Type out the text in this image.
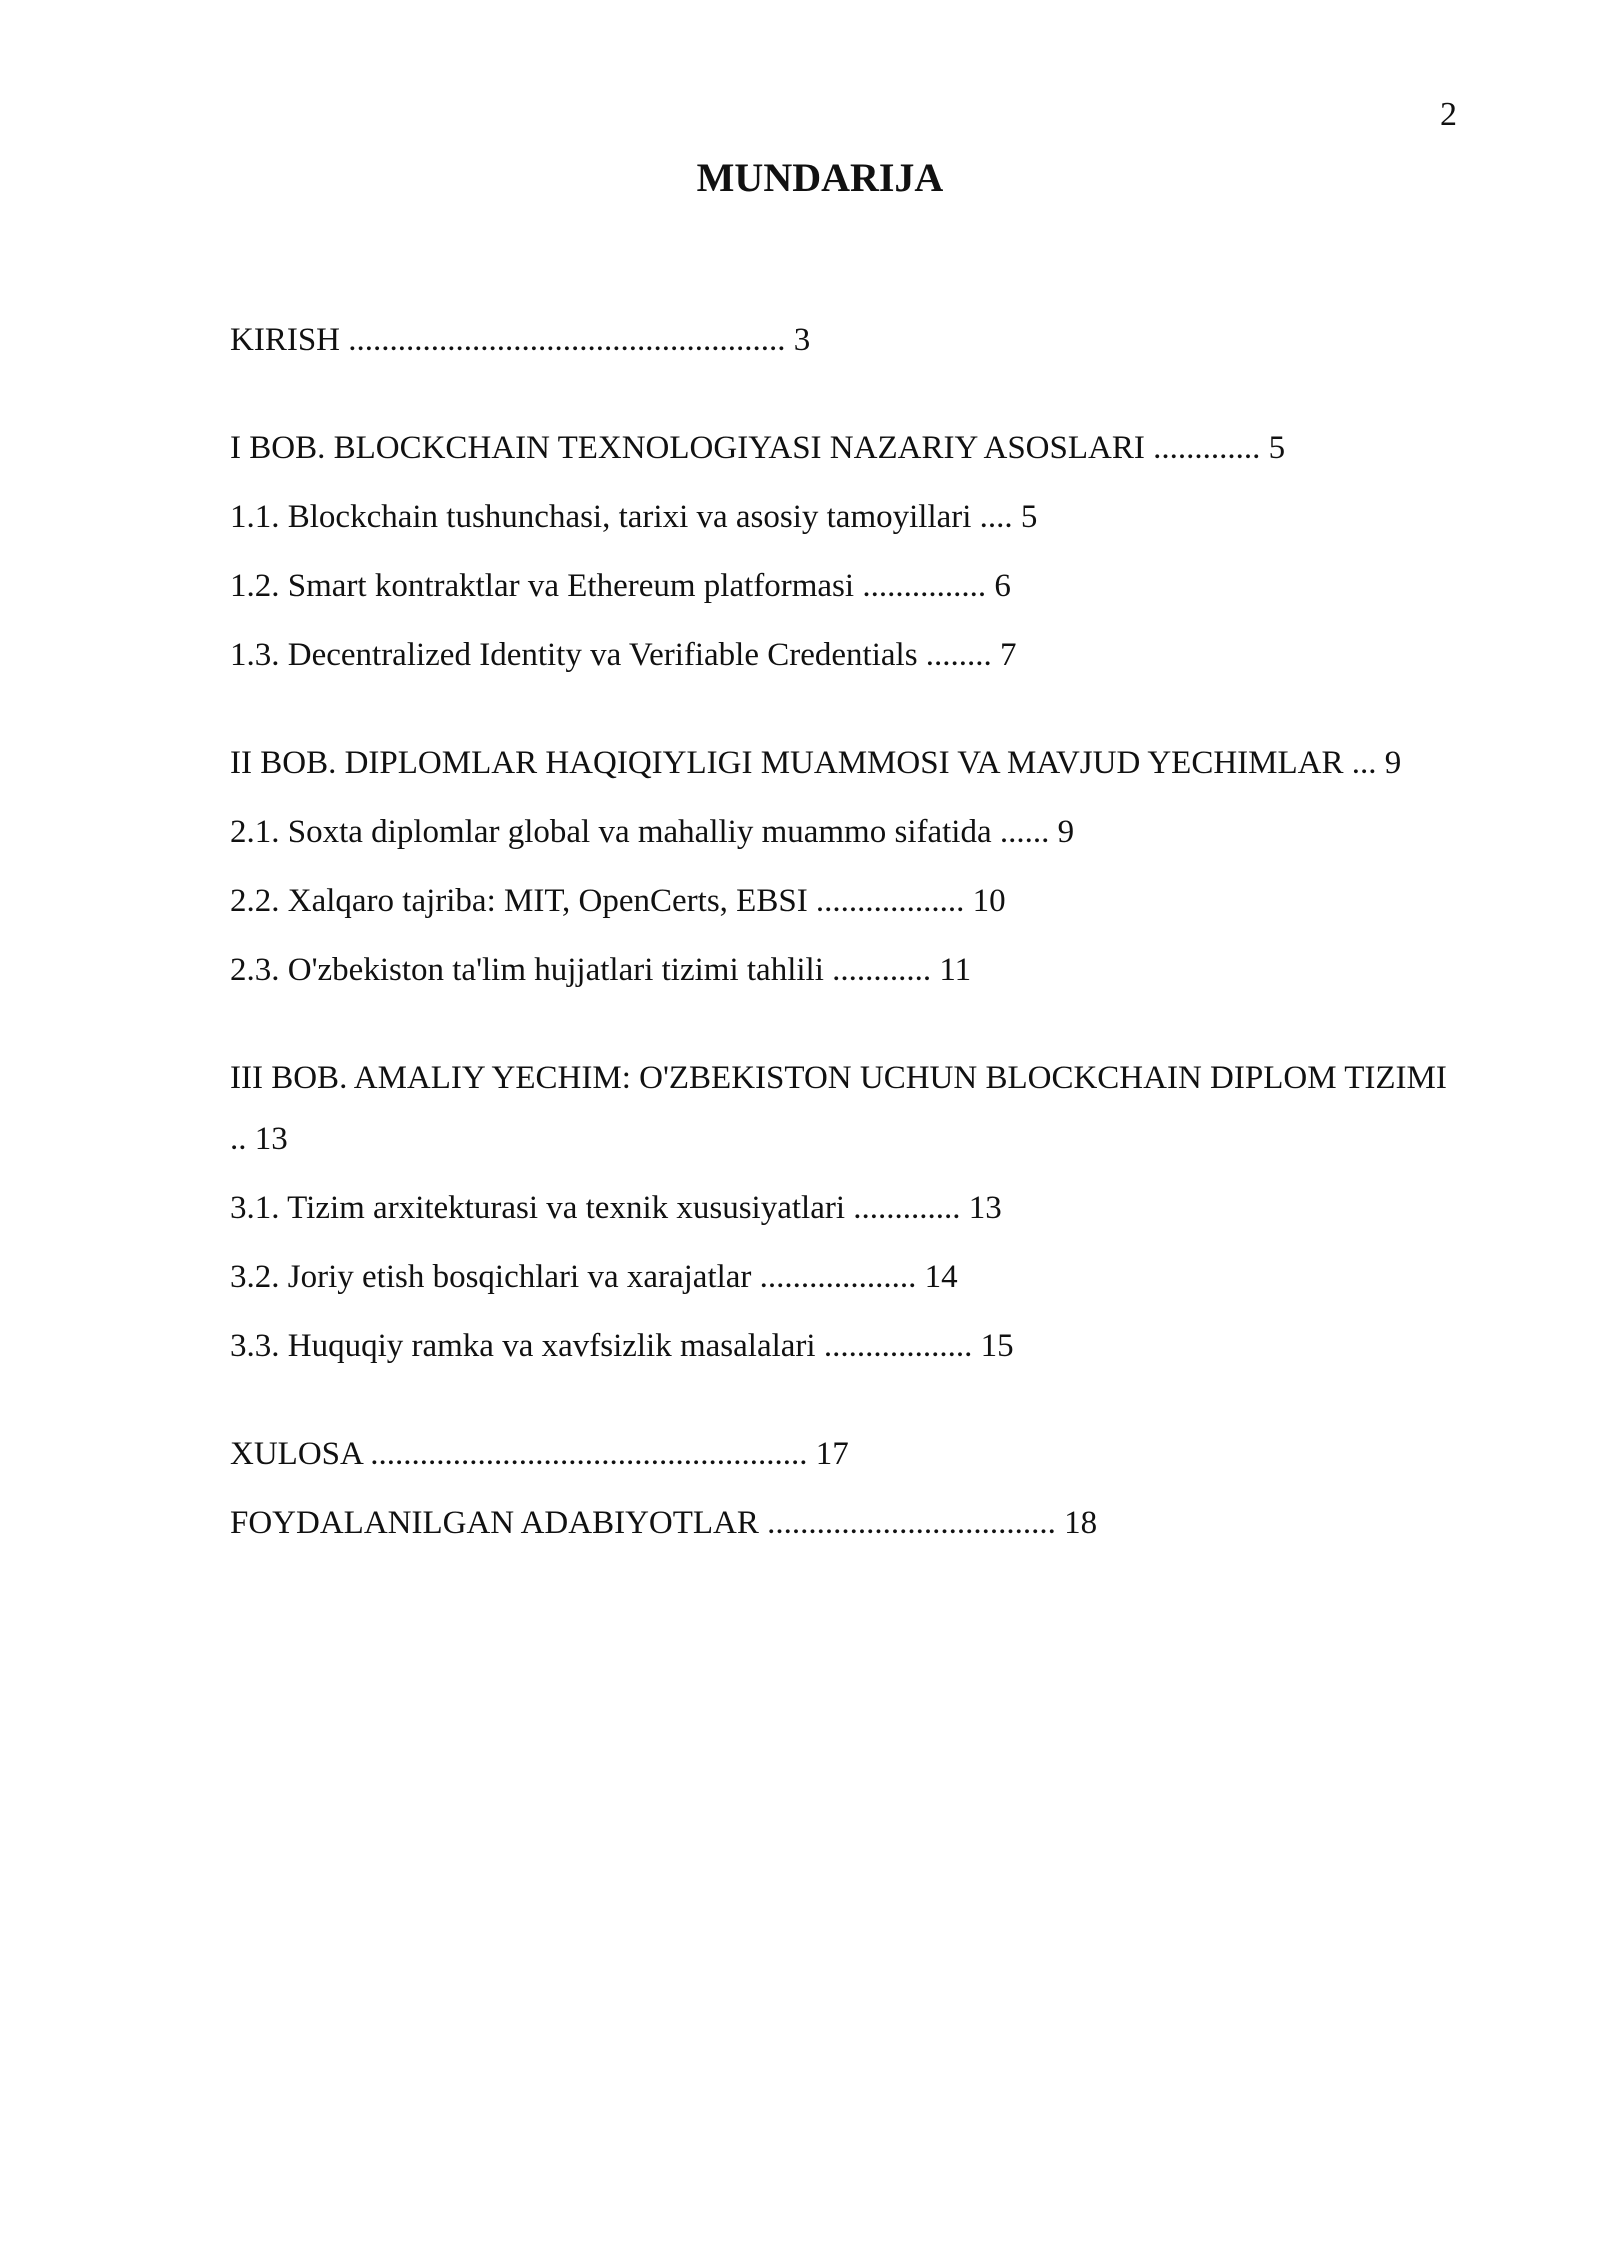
2
MUNDARIJA
KIRISH ..................................................... 3
I BOB. BLOCKCHAIN TEXNOLOGIYASI NAZARIY ASOSLARI ............. 5
1.1. Blockchain tushunchasi, tarixi va asosiy tamoyillari .... 5
1.2. Smart kontraktlar va Ethereum platformasi ............... 6
1.3. Decentralized Identity va Verifiable Credentials ........ 7
II BOB. DIPLOMLAR HAQIQIYLIGI MUAMMOSI VA MAVJUD YECHIMLAR ... 9
2.1. Soxta diplomlar global va mahalliy muammo sifatida ...... 9
2.2. Xalqaro tajriba: MIT, OpenCerts, EBSI .................. 10
2.3. O'zbekiston ta'lim hujjatlari tizimi tahlili ............ 11
III BOB. AMALIY YECHIM: O'ZBEKISTON UCHUN BLOCKCHAIN DIPLOM TIZIMI .. 13
3.1. Tizim arxitekturasi va texnik xususiyatlari ............. 13
3.2. Joriy etish bosqichlari va xarajatlar ................... 14
3.3. Huquqiy ramka va xavfsizlik masalalari .................. 15
XULOSA ..................................................... 17
FOYDALANILGAN ADABIYOTLAR ................................... 18
